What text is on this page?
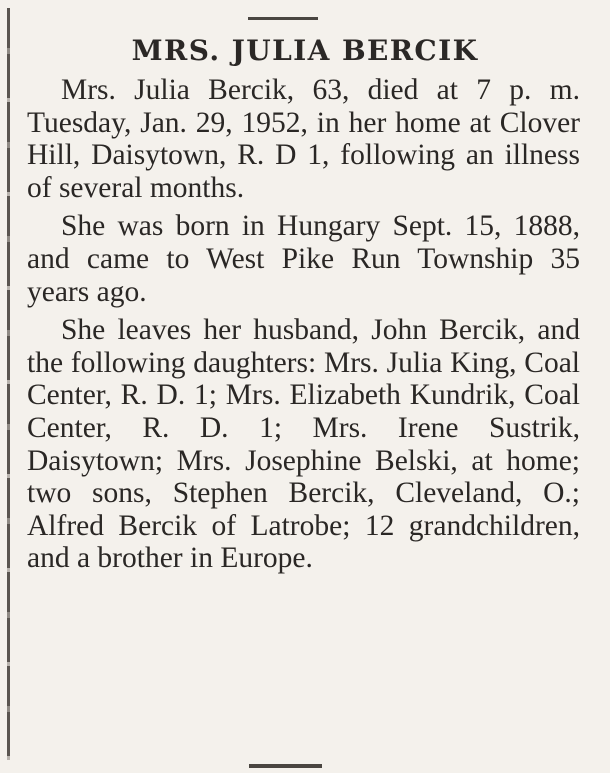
MRS. JULIA BERCIK

Mrs. Julia Bercik, 63, died at 7 p. m. Tuesday, Jan. 29, 1952, in her home at Clover Hill, Daisytown, R. D 1, following an illness of several months.

She was born in Hungary Sept. 15, 1888, and came to West Pike Run Township 35 years ago.

She leaves her husband, John Bercik, and the following daughters: Mrs. Julia King, Coal Center, R. D. 1; Mrs. Elizabeth Kundrik, Coal Center, R. D. 1; Mrs. Irene Sustrik, Daisytown; Mrs. Josephine Belski, at home; two sons, Stephen Bercik, Cleveland, O.; Alfred Bercik of Latrobe; 12 grandchildren, and a brother in Europe.
